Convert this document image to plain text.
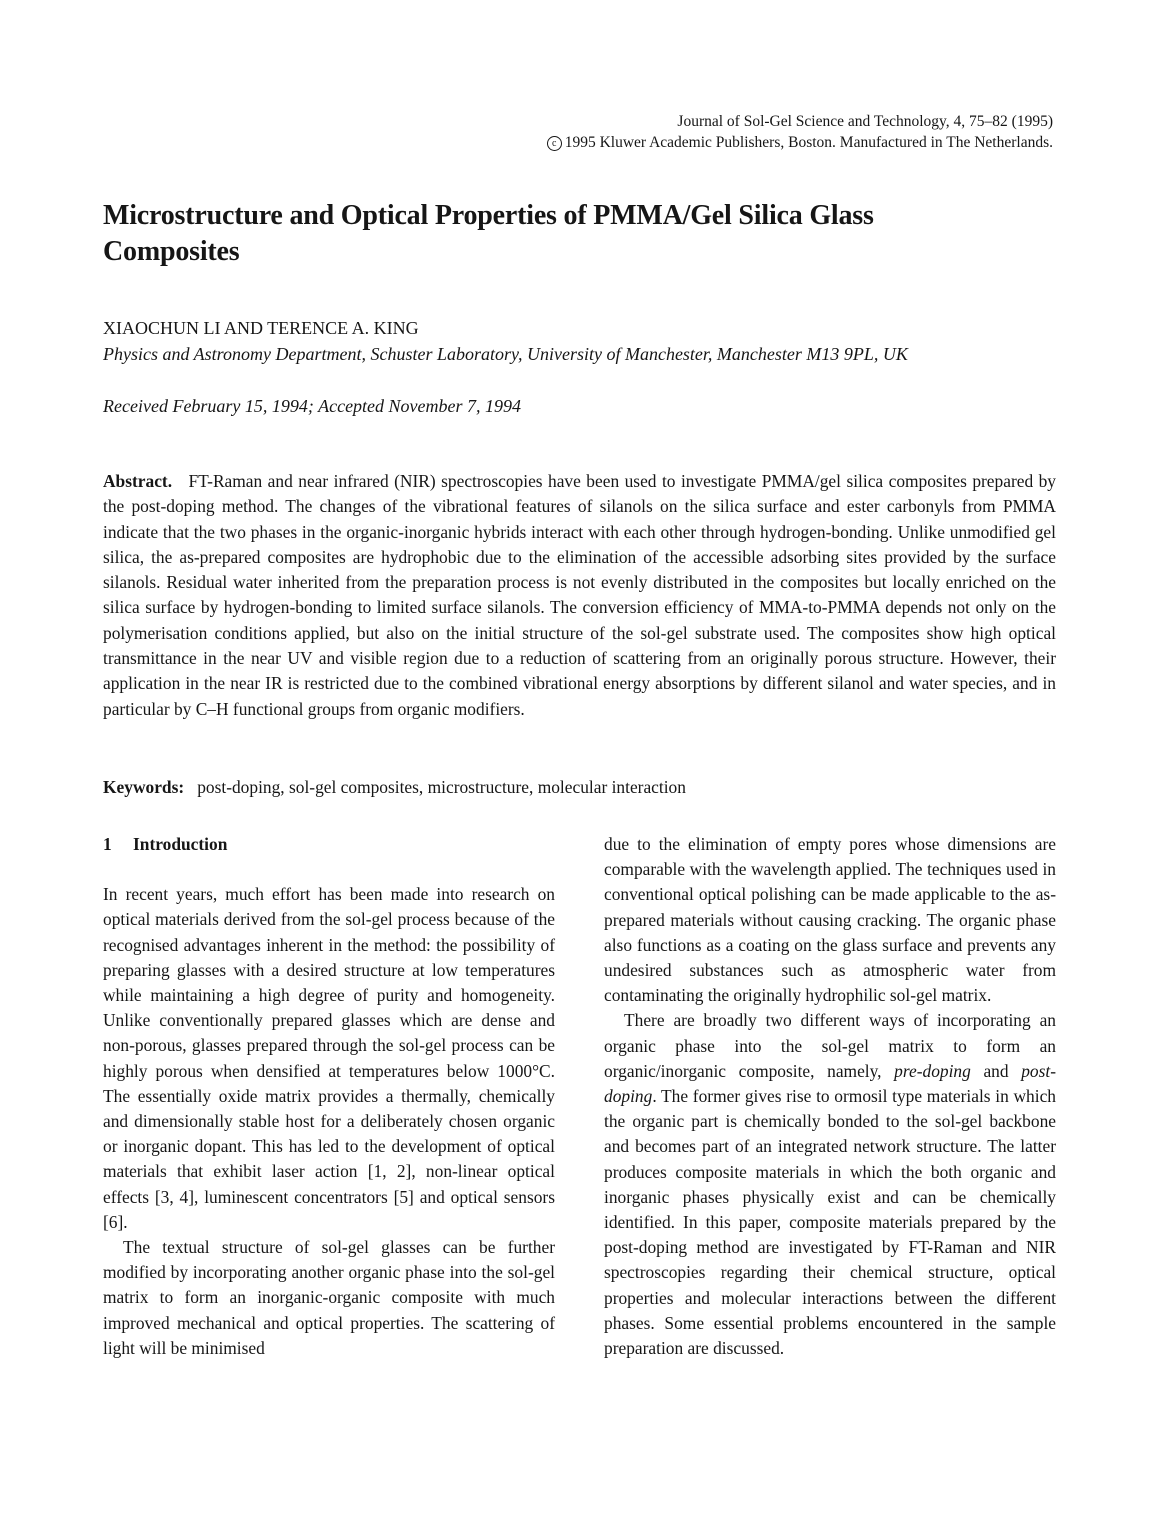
Journal of Sol-Gel Science and Technology, 4, 75–82 (1995)
c 1995 Kluwer Academic Publishers, Boston. Manufactured in The Netherlands.
Microstructure and Optical Properties of PMMA/Gel Silica Glass Composites
XIAOCHUN LI AND TERENCE A. KING
Physics and Astronomy Department, Schuster Laboratory, University of Manchester, Manchester M13 9PL, UK
Received February 15, 1994; Accepted November 7, 1994

Abstract. FT-Raman and near infrared (NIR) spectroscopies have been used to investigate PMMA/gel silica composites prepared by the post-doping method. The changes of the vibrational features of silanols on the silica surface and ester carbonyls from PMMA indicate that the two phases in the organic-inorganic hybrids interact with each other through hydrogen-bonding. Unlike unmodified gel silica, the as-prepared composites are hydrophobic due to the elimination of the accessible adsorbing sites provided by the surface silanols. Residual water inherited from the preparation process is not evenly distributed in the composites but locally enriched on the silica surface by hydrogen-bonding to limited surface silanols. The conversion efficiency of MMA-to-PMMA depends not only on the polymerisation conditions applied, but also on the initial structure of the sol-gel substrate used. The composites show high optical transmittance in the near UV and visible region due to a reduction of scattering from an originally porous structure. However, their application in the near IR is restricted due to the combined vibrational energy absorptions by different silanol and water species, and in particular by C–H functional groups from organic modifiers.

Keywords: post-doping, sol-gel composites, microstructure, molecular interaction
1 Introduction

In recent years, much effort has been made into research on optical materials derived from the sol-gel process because of the recognised advantages inherent in the method: the possibility of preparing glasses with a desired structure at low temperatures while maintaining a high degree of purity and homogeneity. Unlike conventionally prepared glasses which are dense and non-porous, glasses prepared through the sol-gel process can be highly porous when densified at temperatures below 1000°C. The essentially oxide matrix provides a thermally, chemically and dimensionally stable host for a deliberately chosen organic or inorganic dopant. This has led to the development of optical materials that exhibit laser action [1, 2], non-linear optical effects [3, 4], luminescent concentrators [5] and optical sensors [6].

The textual structure of sol-gel glasses can be further modified by incorporating another organic phase into the sol-gel matrix to form an inorganic-organic composite with much improved mechanical and optical properties. The scattering of light will be minimised

due to the elimination of empty pores whose dimensions are comparable with the wavelength applied. The techniques used in conventional optical polishing can be made applicable to the as-prepared materials without causing cracking. The organic phase also functions as a coating on the glass surface and prevents any undesired substances such as atmospheric water from contaminating the originally hydrophilic sol-gel matrix.

There are broadly two different ways of incorporating an organic phase into the sol-gel matrix to form an organic/inorganic composite, namely, pre-doping and post-doping. The former gives rise to ormosil type materials in which the organic part is chemically bonded to the sol-gel backbone and becomes part of an integrated network structure. The latter produces composite materials in which the both organic and inorganic phases physically exist and can be chemically identified. In this paper, composite materials prepared by the post-doping method are investigated by FT-Raman and NIR spectroscopies regarding their chemical structure, optical properties and molecular interactions between the different phases. Some essential problems encountered in the sample preparation are discussed.
